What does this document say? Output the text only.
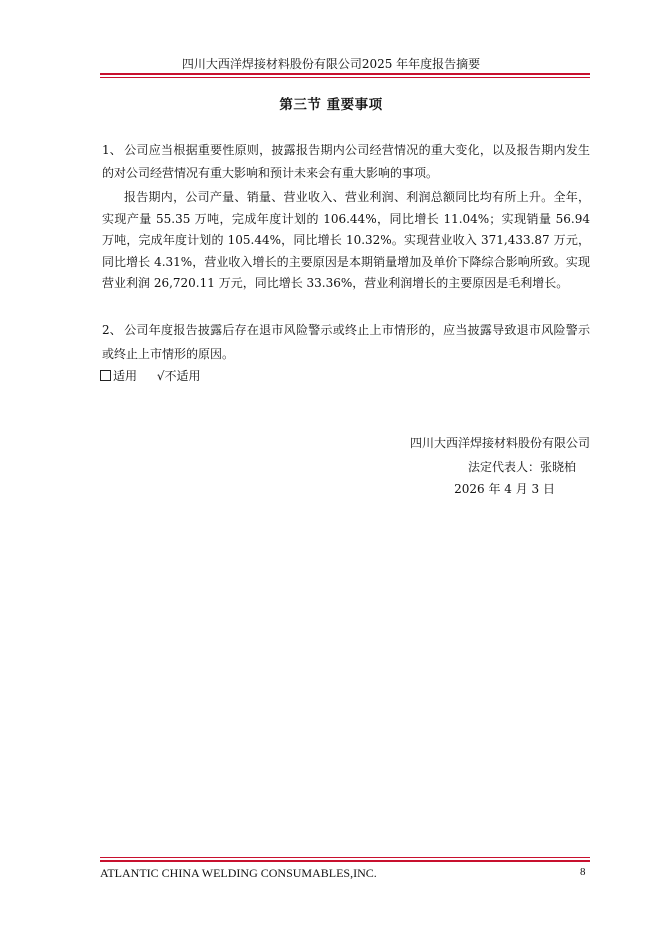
四川大西洋焊接材料股份有限公司2025 年年度报告摘要
第三节 重要事项
1、 公司应当根据重要性原则，披露报告期内公司经营情况的重大变化，以及报告期内发生的对公司经营情况有重大影响和预计未来会有重大影响的事项。
报告期内，公司产量、销量、营业收入、营业利润、利润总额同比均有所上升。全年，实现产量 55.35 万吨，完成年度计划的 106.44%，同比增长 11.04%；实现销量 56.94 万吨，完成年度计划的 105.44%，同比增长 10.32%。实现营业收入 371,433.87 万元，同比增长 4.31%，营业收入增长的主要原因是本期销量增加及单价下降综合影响所致。实现营业利润 26,720.11 万元，同比增长 33.36%，营业利润增长的主要原因是毛利增长。
2、 公司年度报告披露后存在退市风险警示或终止上市情形的，应当披露导致退市风险警示或终止上市情形的原因。
适用 √不适用
四川大西洋焊接材料股份有限公司
法定代表人：张晓柏
2026 年 4 月 3 日
ATLANTIC CHINA WELDING CONSUMABLES,INC.	8
